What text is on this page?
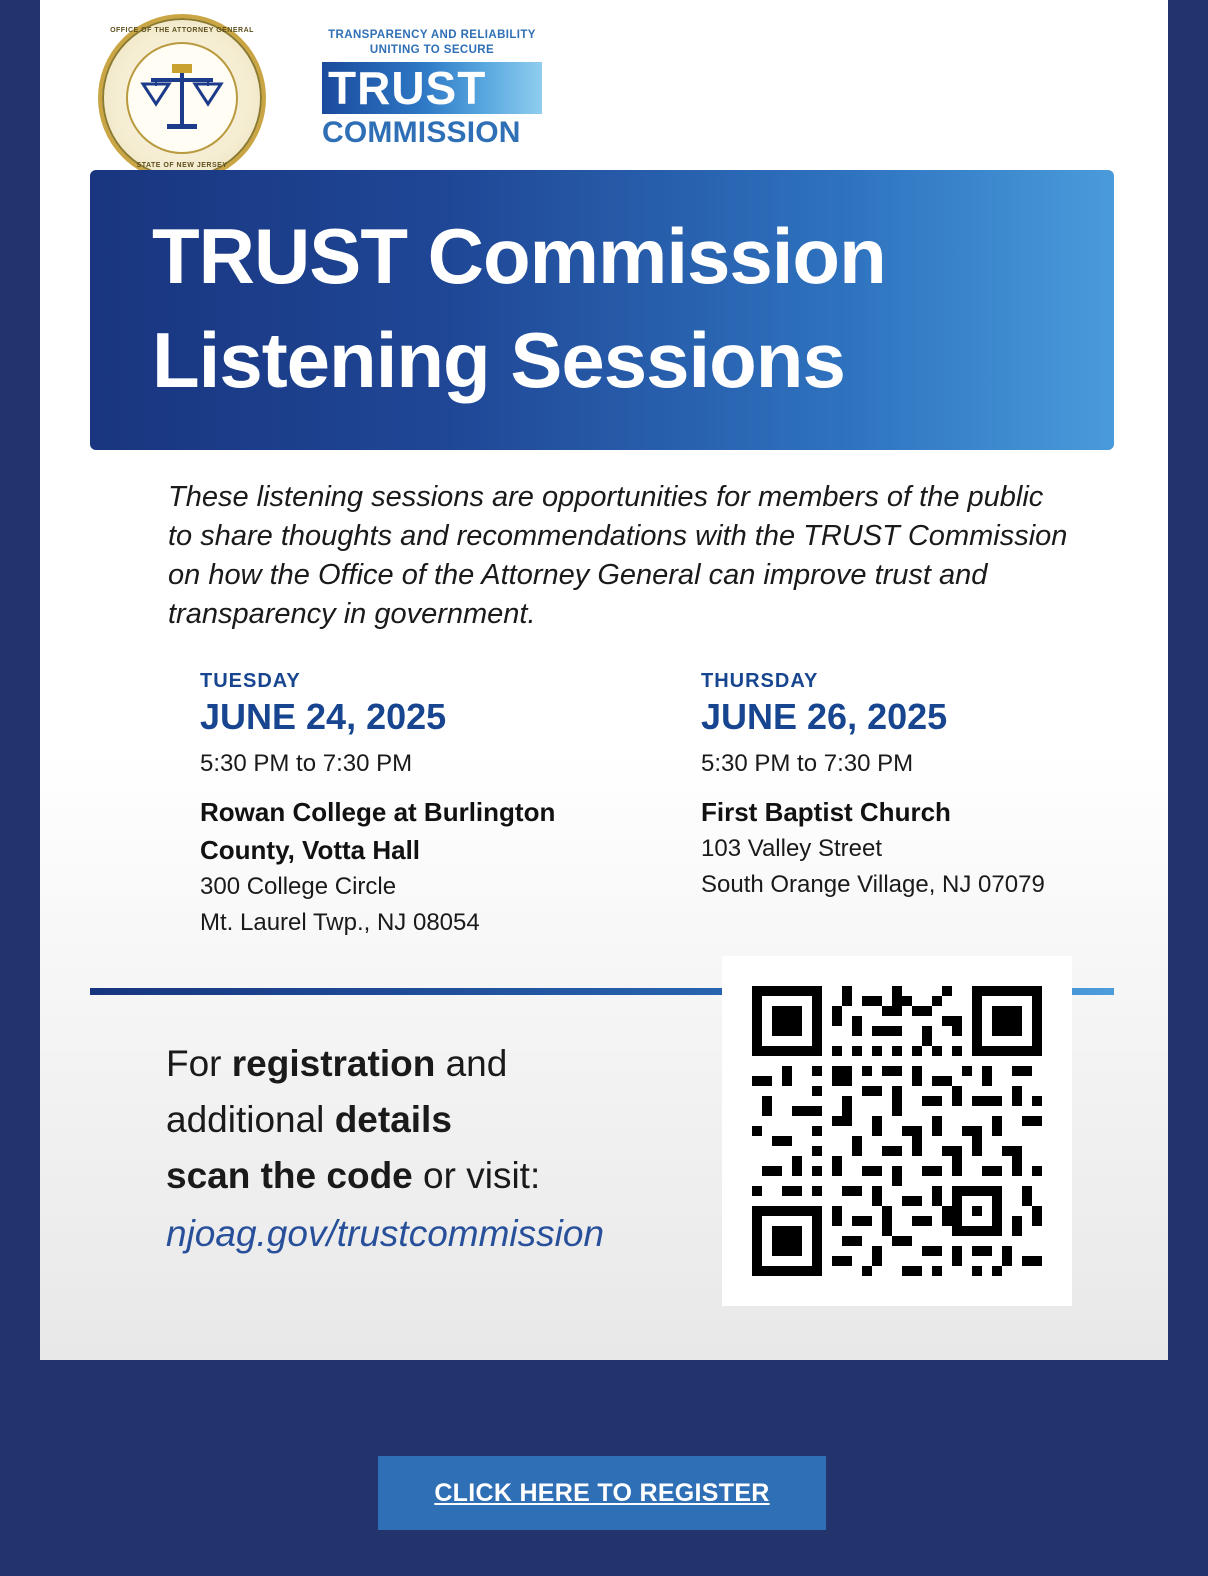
OFFICE OF THE ATTORNEY GENERAL
STATE OF NEW JERSEY
TRANSPARENCY AND RELIABILITY UNITING TO SECURE
TRUST
COMMISSION
TRUST Commission
Listening Sessions
These listening sessions are opportunities for members of the public to share thoughts and recommendations with the TRUST Commission on how the Office of the Attorney General can improve trust and transparency in government.
TUESDAY
JUNE 24, 2025
5:30 PM to 7:30 PM
Rowan College at Burlington County, Votta Hall
300 College Circle
Mt. Laurel Twp., NJ 08054
THURSDAY
JUNE 26, 2025
5:30 PM to 7:30 PM
First Baptist Church
103 Valley Street
South Orange Village, NJ 07079
For registration and
additional details
scan the code or visit:
njoag.gov/trustcommission
CLICK HERE TO REGISTER
